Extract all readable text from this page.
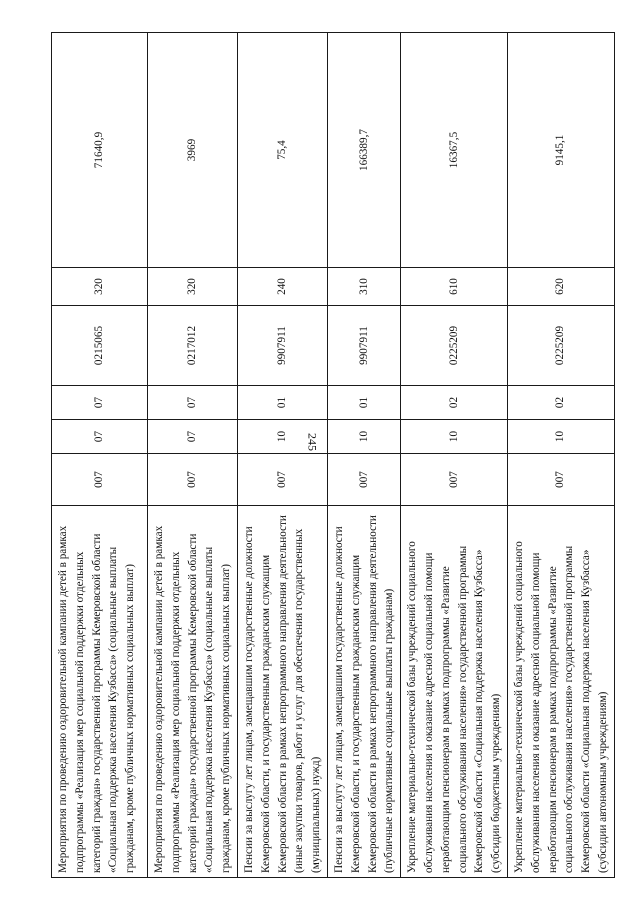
245
Мероприятия по проведению оздоровительной кампании детей в рамках подпрограммы «Реализация мер социальной поддержки отдельных категорий граждан» государственной программы Кемеровской области «Социальная поддержка населения Кузбасса» (социальные выплаты гражданам, кроме публичных нормативных социальных выплат)	007	07	07	0215065	320	71640,9
Мероприятия по проведению оздоровительной кампании детей в рамках подпрограммы «Реализация мер социальной поддержки отдельных категорий граждан» государственной программы Кемеровской области «Социальная поддержка населения Кузбасса» (социальные выплаты гражданам, кроме публичных нормативных социальных выплат)	007	07	07	0217012	320	3969
Пенсии за выслугу лет лицам, замещавшим государственные должности Кемеровской области, и государственным гражданским служащим Кемеровской области в рамках непрограммного направления деятельности (иные закупки товаров, работ и услуг для обеспечения государственных (муниципальных) нужд)	007	10	01	9907911	240	75,4
Пенсии за выслугу лет лицам, замещавшим государственные должности Кемеровской области, и государственным гражданским служащим Кемеровской области в рамках непрограммного направления деятельности (публичные нормативные социальные выплаты гражданам)	007	10	01	9907911	310	166389,7
Укрепление материально-технической базы учреждений социального обслуживания населения и оказание адресной социальной помощи неработающим пенсионерам в рамках подпрограммы «Развитие социального обслуживания населения» государственной программы Кемеровской области «Социальная поддержка населения Кузбасса» (субсидии бюджетным учреждениям)	007	10	02	0225209	610	16367,5
Укрепление материально-технической базы учреждений социального обслуживания населения и оказание адресной социальной помощи неработающим пенсионерам в рамках подпрограммы «Развитие социального обслуживания населения» государственной программы Кемеровской области «Социальная поддержка населения Кузбасса» (субсидии автономным учреждениям)	007	10	02	0225209	620	9145,1
